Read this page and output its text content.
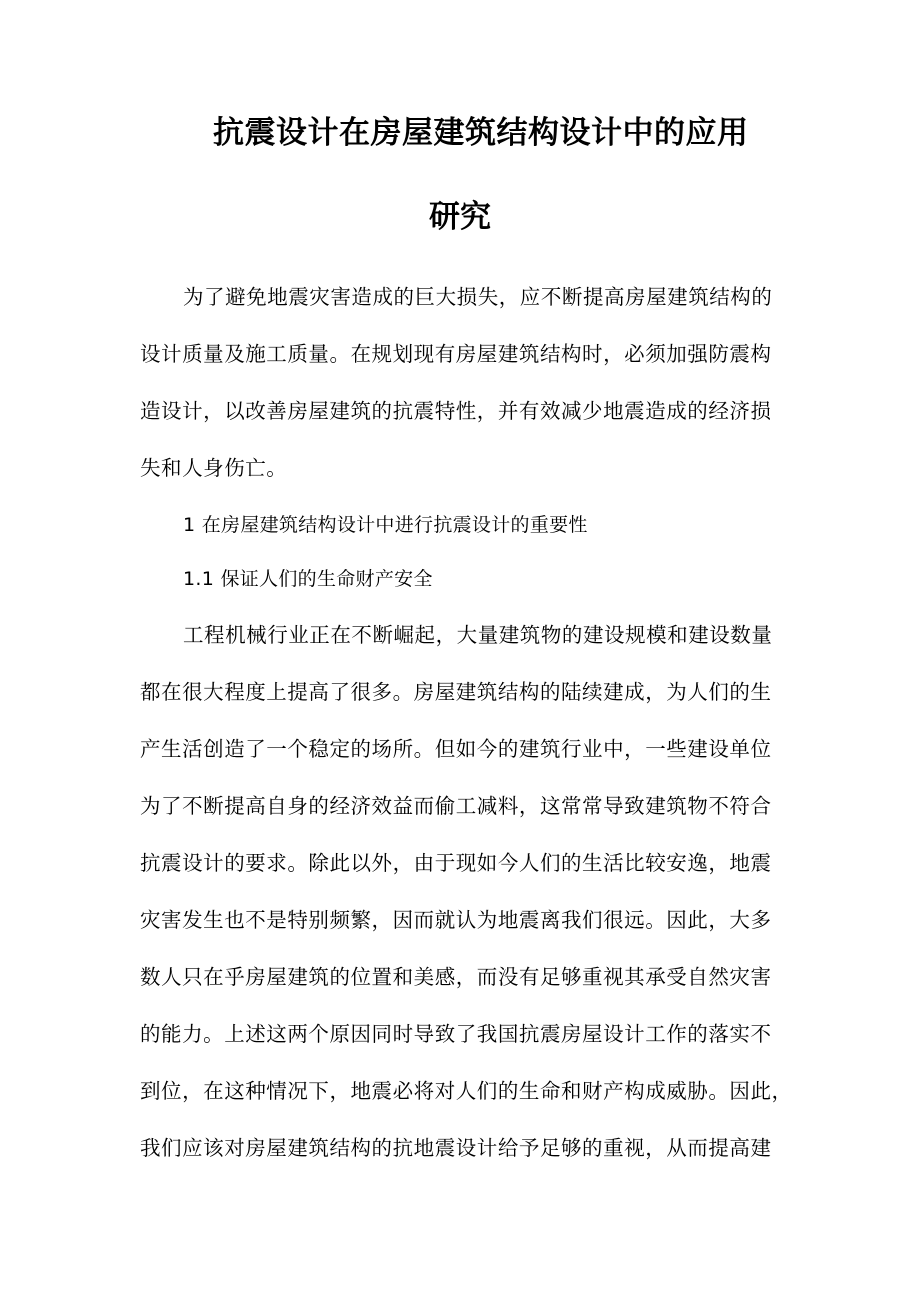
抗震设计在房屋建筑结构设计中的应用
研究
为了避免地震灾害造成的巨大损失，应不断提高房屋建筑结构的
设计质量及施工质量。在规划现有房屋建筑结构时，必须加强防震构
造设计，以改善房屋建筑的抗震特性，并有效减少地震造成的经济损
失和人身伤亡。
1 在房屋建筑结构设计中进行抗震设计的重要性
1.1 保证人们的生命财产安全
工程机械行业正在不断崛起，大量建筑物的建设规模和建设数量
都在很大程度上提高了很多。房屋建筑结构的陆续建成，为人们的生
产生活创造了一个稳定的场所。但如今的建筑行业中，一些建设单位
为了不断提高自身的经济效益而偷工减料，这常常导致建筑物不符合
抗震设计的要求。除此以外，由于现如今人们的生活比较安逸，地震
灾害发生也不是特别频繁，因而就认为地震离我们很远。因此，大多
数人只在乎房屋建筑的位置和美感，而没有足够重视其承受自然灾害
的能力。上述这两个原因同时导致了我国抗震房屋设计工作的落实不
到位，在这种情况下，地震必将对人们的生命和财产构成威胁。因此，
我们应该对房屋建筑结构的抗地震设计给予足够的重视，从而提高建
